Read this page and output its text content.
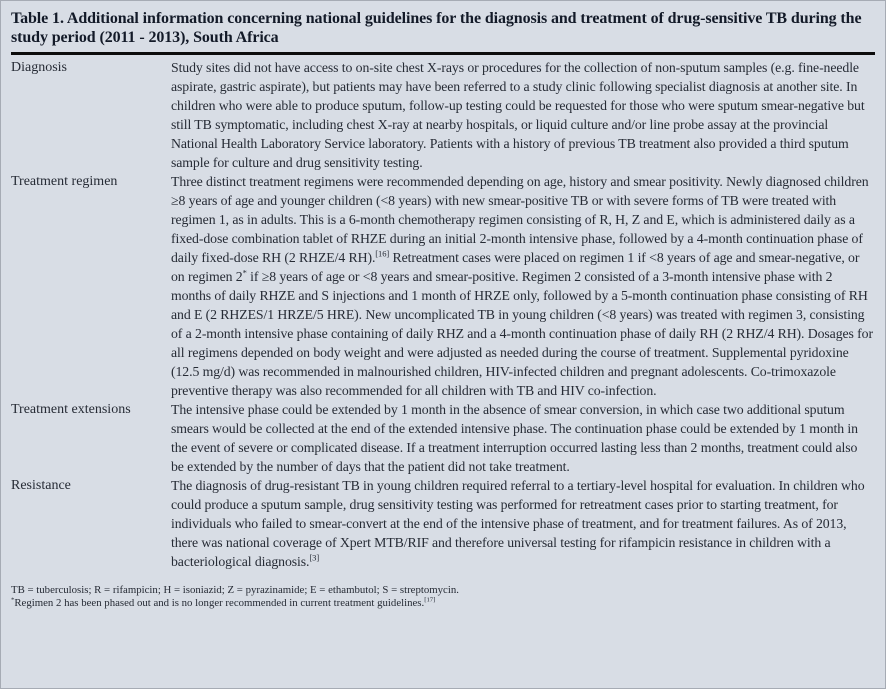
Table 1. Additional information concerning national guidelines for the diagnosis and treatment of drug-sensitive TB during the study period (2011 - 2013), South Africa
Diagnosis	Study sites did not have access to on-site chest X-rays or procedures for the collection of non-sputum samples (e.g. fine-needle aspirate, gastric aspirate), but patients may have been referred to a study clinic following specialist diagnosis at another site. In children who were able to produce sputum, follow-up testing could be requested for those who were sputum smear-negative but still TB symptomatic, including chest X-ray at nearby hospitals, or liquid culture and/or line probe assay at the provincial National Health Laboratory Service laboratory. Patients with a history of previous TB treatment also provided a third sputum sample for culture and drug sensitivity testing.
Treatment regimen	Three distinct treatment regimens were recommended depending on age, history and smear positivity. Newly diagnosed children ≥8 years of age and younger children (<8 years) with new smear-positive TB or with severe forms of TB were treated with regimen 1, as in adults. This is a 6-month chemotherapy regimen consisting of R, H, Z and E, which is administered daily as a fixed-dose combination tablet of RHZE during an initial 2-month intensive phase, followed by a 4-month continuation phase of daily fixed-dose RH (2 RHZE/4 RH).[16] Retreatment cases were placed on regimen 1 if <8 years of age and smear-negative, or on regimen 2* if ≥8 years of age or <8 years and smear-positive. Regimen 2 consisted of a 3-month intensive phase with 2 months of daily RHZE and S injections and 1 month of HRZE only, followed by a 5-month continuation phase consisting of RH and E (2 RHZES/1 HRZE/5 HRE). New uncomplicated TB in young children (<8 years) was treated with regimen 3, consisting of a 2-month intensive phase containing of daily RHZ and a 4-month continuation phase of daily RH (2 RHZ/4 RH). Dosages for all regimens depended on body weight and were adjusted as needed during the course of treatment. Supplemental pyridoxine (12.5 mg/d) was recommended in malnourished children, HIV-infected children and pregnant adolescents. Co-trimoxazole preventive therapy was also recommended for all children with TB and HIV co-infection.
Treatment extensions	The intensive phase could be extended by 1 month in the absence of smear conversion, in which case two additional sputum smears would be collected at the end of the extended intensive phase. The continuation phase could be extended by 1 month in the event of severe or complicated disease. If a treatment interruption occurred lasting less than 2 months, treatment could also be extended by the number of days that the patient did not take treatment.
Resistance	The diagnosis of drug-resistant TB in young children required referral to a tertiary-level hospital for evaluation. In children who could produce a sputum sample, drug sensitivity testing was performed for retreatment cases prior to starting treatment, for individuals who failed to smear-convert at the end of the intensive phase of treatment, and for treatment failures. As of 2013, there was national coverage of Xpert MTB/RIF and therefore universal testing for rifampicin resistance in children with a bacteriological diagnosis.[3]
TB = tuberculosis; R = rifampicin; H = isoniazid; Z = pyrazinamide; E = ethambutol; S = streptomycin.
*Regimen 2 has been phased out and is no longer recommended in current treatment guidelines.[17]
